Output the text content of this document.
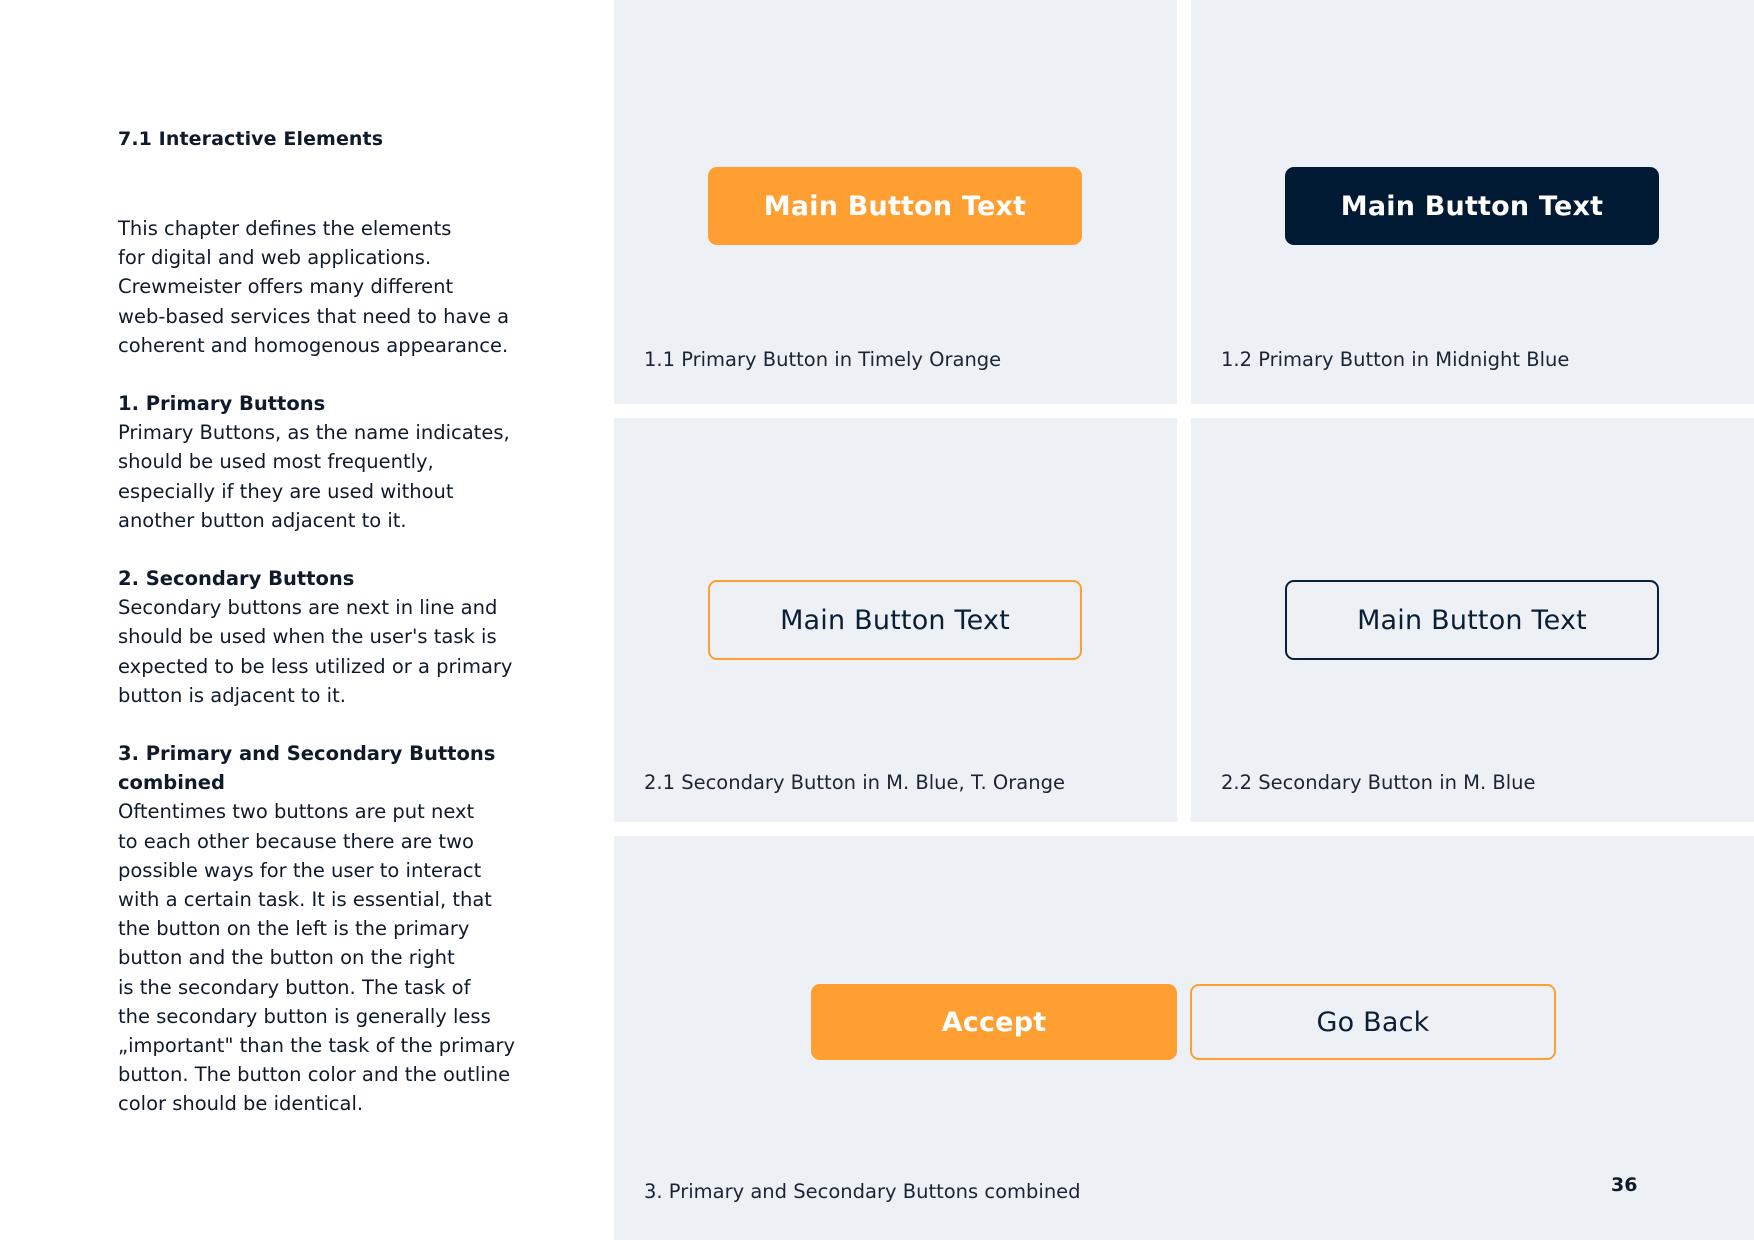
7.1 Interactive Elements
This chapter defines the elements
for digital and web applications.
Crewmeister offers many different
web-based services that need to have a
coherent and homogenous appearance.
1. Primary Buttons
Primary Buttons, as the name indicates,
should be used most frequently,
especially if they are used without
another button adjacent to it.
2. Secondary Buttons
Secondary buttons are next in line and
should be used when the user's task is
expected to be less utilized or a primary
button is adjacent to it.
3. Primary and Secondary Buttons
combined
Oftentimes two buttons are put next
to each other because there are two
possible ways for the user to interact
with a certain task. It is essential, that
the button on the left is the primary
button and the button on the right
is the secondary button. The task of
the secondary button is generally less
„important" than the task of the primary
button. The button color and the outline
color should be identical.
Main Button Text
1.1 Primary Button in Timely Orange
Main Button Text
1.2 Primary Button in Midnight Blue
Main Button Text
2.1 Secondary Button in M. Blue, T. Orange
Main Button Text
2.2 Secondary Button in M. Blue
Accept	Go Back
3. Primary and Secondary Buttons combined	36
